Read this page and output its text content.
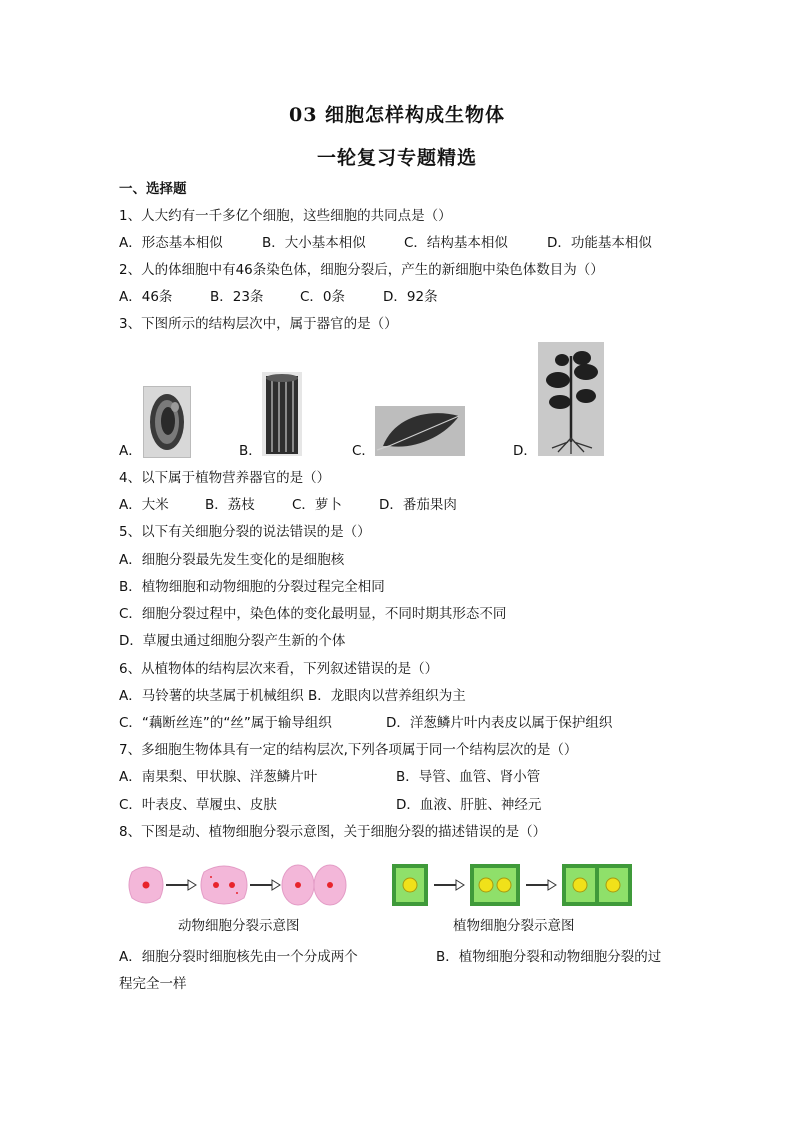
03 细胞怎样构成生物体
一轮复习专题精选
一、选择题
1、人大约有一千多亿个细胞，这些细胞的共同点是（）
A．形态基本相似	B．大小基本相似	C．结构基本相似	D．功能基本相似
2、人的体细胞中有46条染色体，细胞分裂后，产生的新细胞中染色体数目为（）
A．46条	B．23条	C．0条	D．92条
3、下图所示的结构层次中，属于器官的是（）
A．	B．	C．	D．
4、以下属于植物营养器官的是（）
A．大米	B．荔枝	C．萝卜	D．番茄果肉
5、以下有关细胞分裂的说法错误的是（）
A．细胞分裂最先发生变化的是细胞核
B．植物细胞和动物细胞的分裂过程完全相同
C．细胞分裂过程中，染色体的变化最明显，不同时期其形态不同
D．草履虫通过细胞分裂产生新的个体
6、从植物体的结构层次来看，下列叙述错误的是（）
A．马铃薯的块茎属于机械组织 B．龙眼肉以营养组织为主
C．“藕断丝连”的“丝”属于输导组织	D．洋葱鳞片叶内表皮以属于保护组织
7、多细胞生物体具有一定的结构层次,下列各项属于同一个结构层次的是（）
A．南果梨、甲状腺、洋葱鳞片叶	B．导管、血管、肾小管
C．叶表皮、草履虫、皮肤	D．血液、肝脏、神经元
8、下图是动、植物细胞分裂示意图，关于细胞分裂的描述错误的是（）
动物细胞分裂示意图	植物细胞分裂示意图
A．细胞分裂时细胞核先由一个分成两个	B．植物细胞分裂和动物细胞分裂的过
程完全一样
